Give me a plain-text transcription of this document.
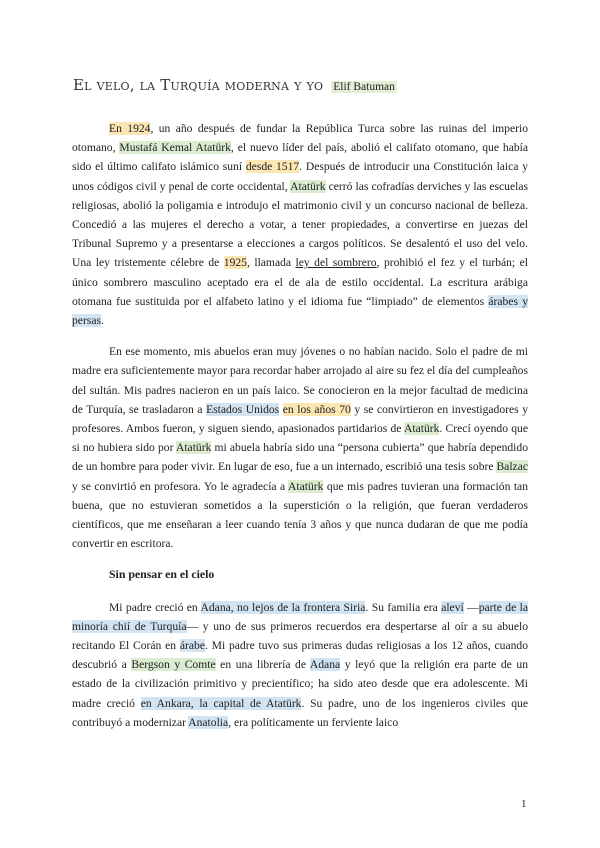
El velo, la Turquía moderna y yo Elif Batuman

En 1924, un año después de fundar la República Turca sobre las ruinas del imperio otomano, Mustafá Kemal Atatürk, el nuevo líder del país, abolió el califato otomano, que había sido el último califato islámico suní desde 1517. Después de introducir una Constitución laica y unos códigos civil y penal de corte occidental, Atatürk cerró las cofradías derviches y las escuelas religiosas, abolió la poligamia e introdujo el matrimonio civil y un concurso nacional de belleza. Concedió a las mujeres el derecho a votar, a tener propiedades, a convertirse en juezas del Tribunal Supremo y a presentarse a elecciones a cargos políticos. Se desalentó el uso del velo. Una ley tristemente célebre de 1925, llamada ley del sombrero, prohibió el fez y el turbán; el único sombrero masculino aceptado era el de ala de estilo occidental. La escritura arábiga otomana fue sustituida por el alfabeto latino y el idioma fue “limpiado” de elementos árabes y persas.

En ese momento, mis abuelos eran muy jóvenes o no habían nacido. Solo el padre de mi madre era suficientemente mayor para recordar haber arrojado al aire su fez el día del cumpleaños del sultán. Mis padres nacieron en un país laico. Se conocieron en la mejor facultad de medicina de Turquía, se trasladaron a Estados Unidos en los años 70 y se convirtieron en investigadores y profesores. Ambos fueron, y siguen siendo, apasionados partidarios de Atatürk. Crecí oyendo que si no hubiera sido por Atatürk mi abuela habría sido una “persona cubierta” que habría dependido de un hombre para poder vivir. En lugar de eso, fue a un internado, escribió una tesis sobre Balzac y se convirtió en profesora. Yo le agradecía a Atatürk que mis padres tuvieran una formación tan buena, que no estuvieran sometidos a la superstición o la religión, que fueran verdaderos científicos, que me enseñaran a leer cuando tenía 3 años y que nunca dudaran de que me podía convertir en escritora.

Sin pensar en el cielo

Mi padre creció en Adana, no lejos de la frontera Siria. Su familia era aleví —parte de la minoría chií de Turquía— y uno de sus primeros recuerdos era despertarse al oír a su abuelo recitando El Corán en árabe. Mi padre tuvo sus primeras dudas religiosas a los 12 años, cuando descubrió a Bergson y Comte en una librería de Adana y leyó que la religión era parte de un estado de la civilización primitivo y precientífico; ha sido ateo desde que era adolescente. Mi madre creció en Ankara, la capital de Atatürk. Su padre, uno de los ingenieros civiles que contribuyó a modernizar Anatolia, era políticamente un ferviente laico

1
